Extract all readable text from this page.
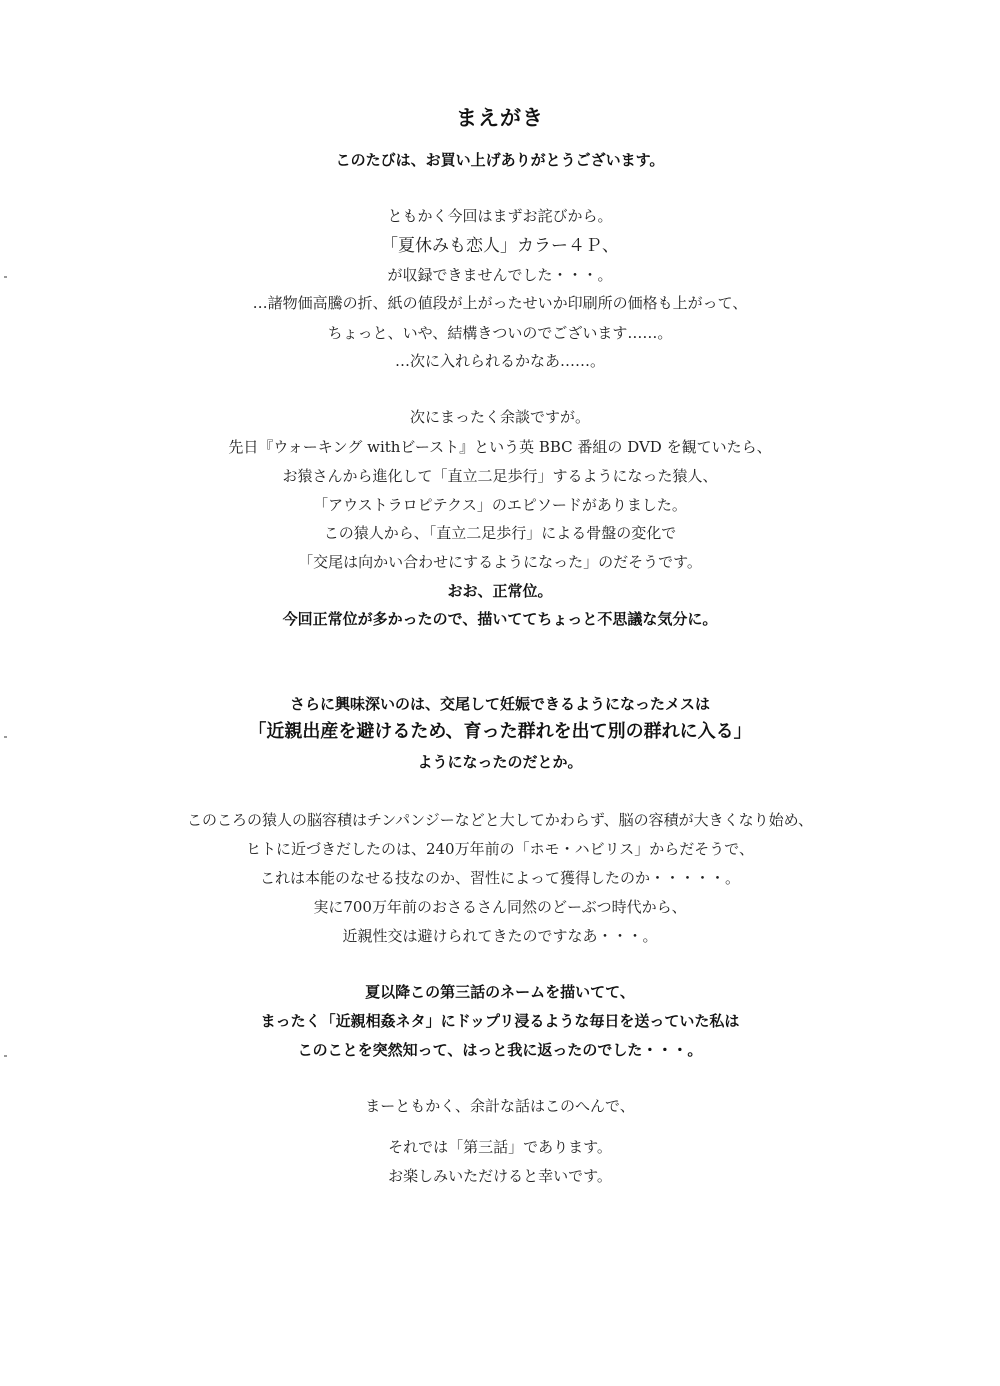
まえがき
このたびは、お買い上げありがとうございます。
ともかく今回はまずお詫びから。
「夏休みも恋人」カラー４Ｐ、
が収録できませんでした・・・。
…諸物価高騰の折、紙の値段が上がったせいか印刷所の価格も上がって、
ちょっと、いや、結構きついのでございます……。
…次に入れられるかなあ……。
次にまったく余談ですが。
先日『ウォーキング withビースト』という英 BBC 番組の DVD を観ていたら、
お猿さんから進化して「直立二足歩行」するようになった猿人、
「アウストラロピテクス」のエピソードがありました。
この猿人から、「直立二足歩行」による骨盤の変化で
「交尾は向かい合わせにするようになった」のだそうです。
おお、正常位。
今回正常位が多かったので、描いててちょっと不思議な気分に。
さらに興味深いのは、交尾して妊娠できるようになったメスは
「近親出産を避けるため、育った群れを出て別の群れに入る」
ようになったのだとか。
このころの猿人の脳容積はチンパンジーなどと大してかわらず、脳の容積が大きくなり始め、
ヒトに近づきだしたのは、240万年前の「ホモ・ハビリス」からだそうで、
これは本能のなせる技なのか、習性によって獲得したのか・・・・・。
実に700万年前のおさるさん同然のどーぶつ時代から、
近親性交は避けられてきたのですなあ・・・。
夏以降この第三話のネームを描いてて、
まったく「近親相姦ネタ」にドップリ浸るような毎日を送っていた私は
このことを突然知って、はっと我に返ったのでした・・・。
まーともかく、余計な話はこのへんで、
それでは「第三話」であります。
お楽しみいただけると幸いです。
